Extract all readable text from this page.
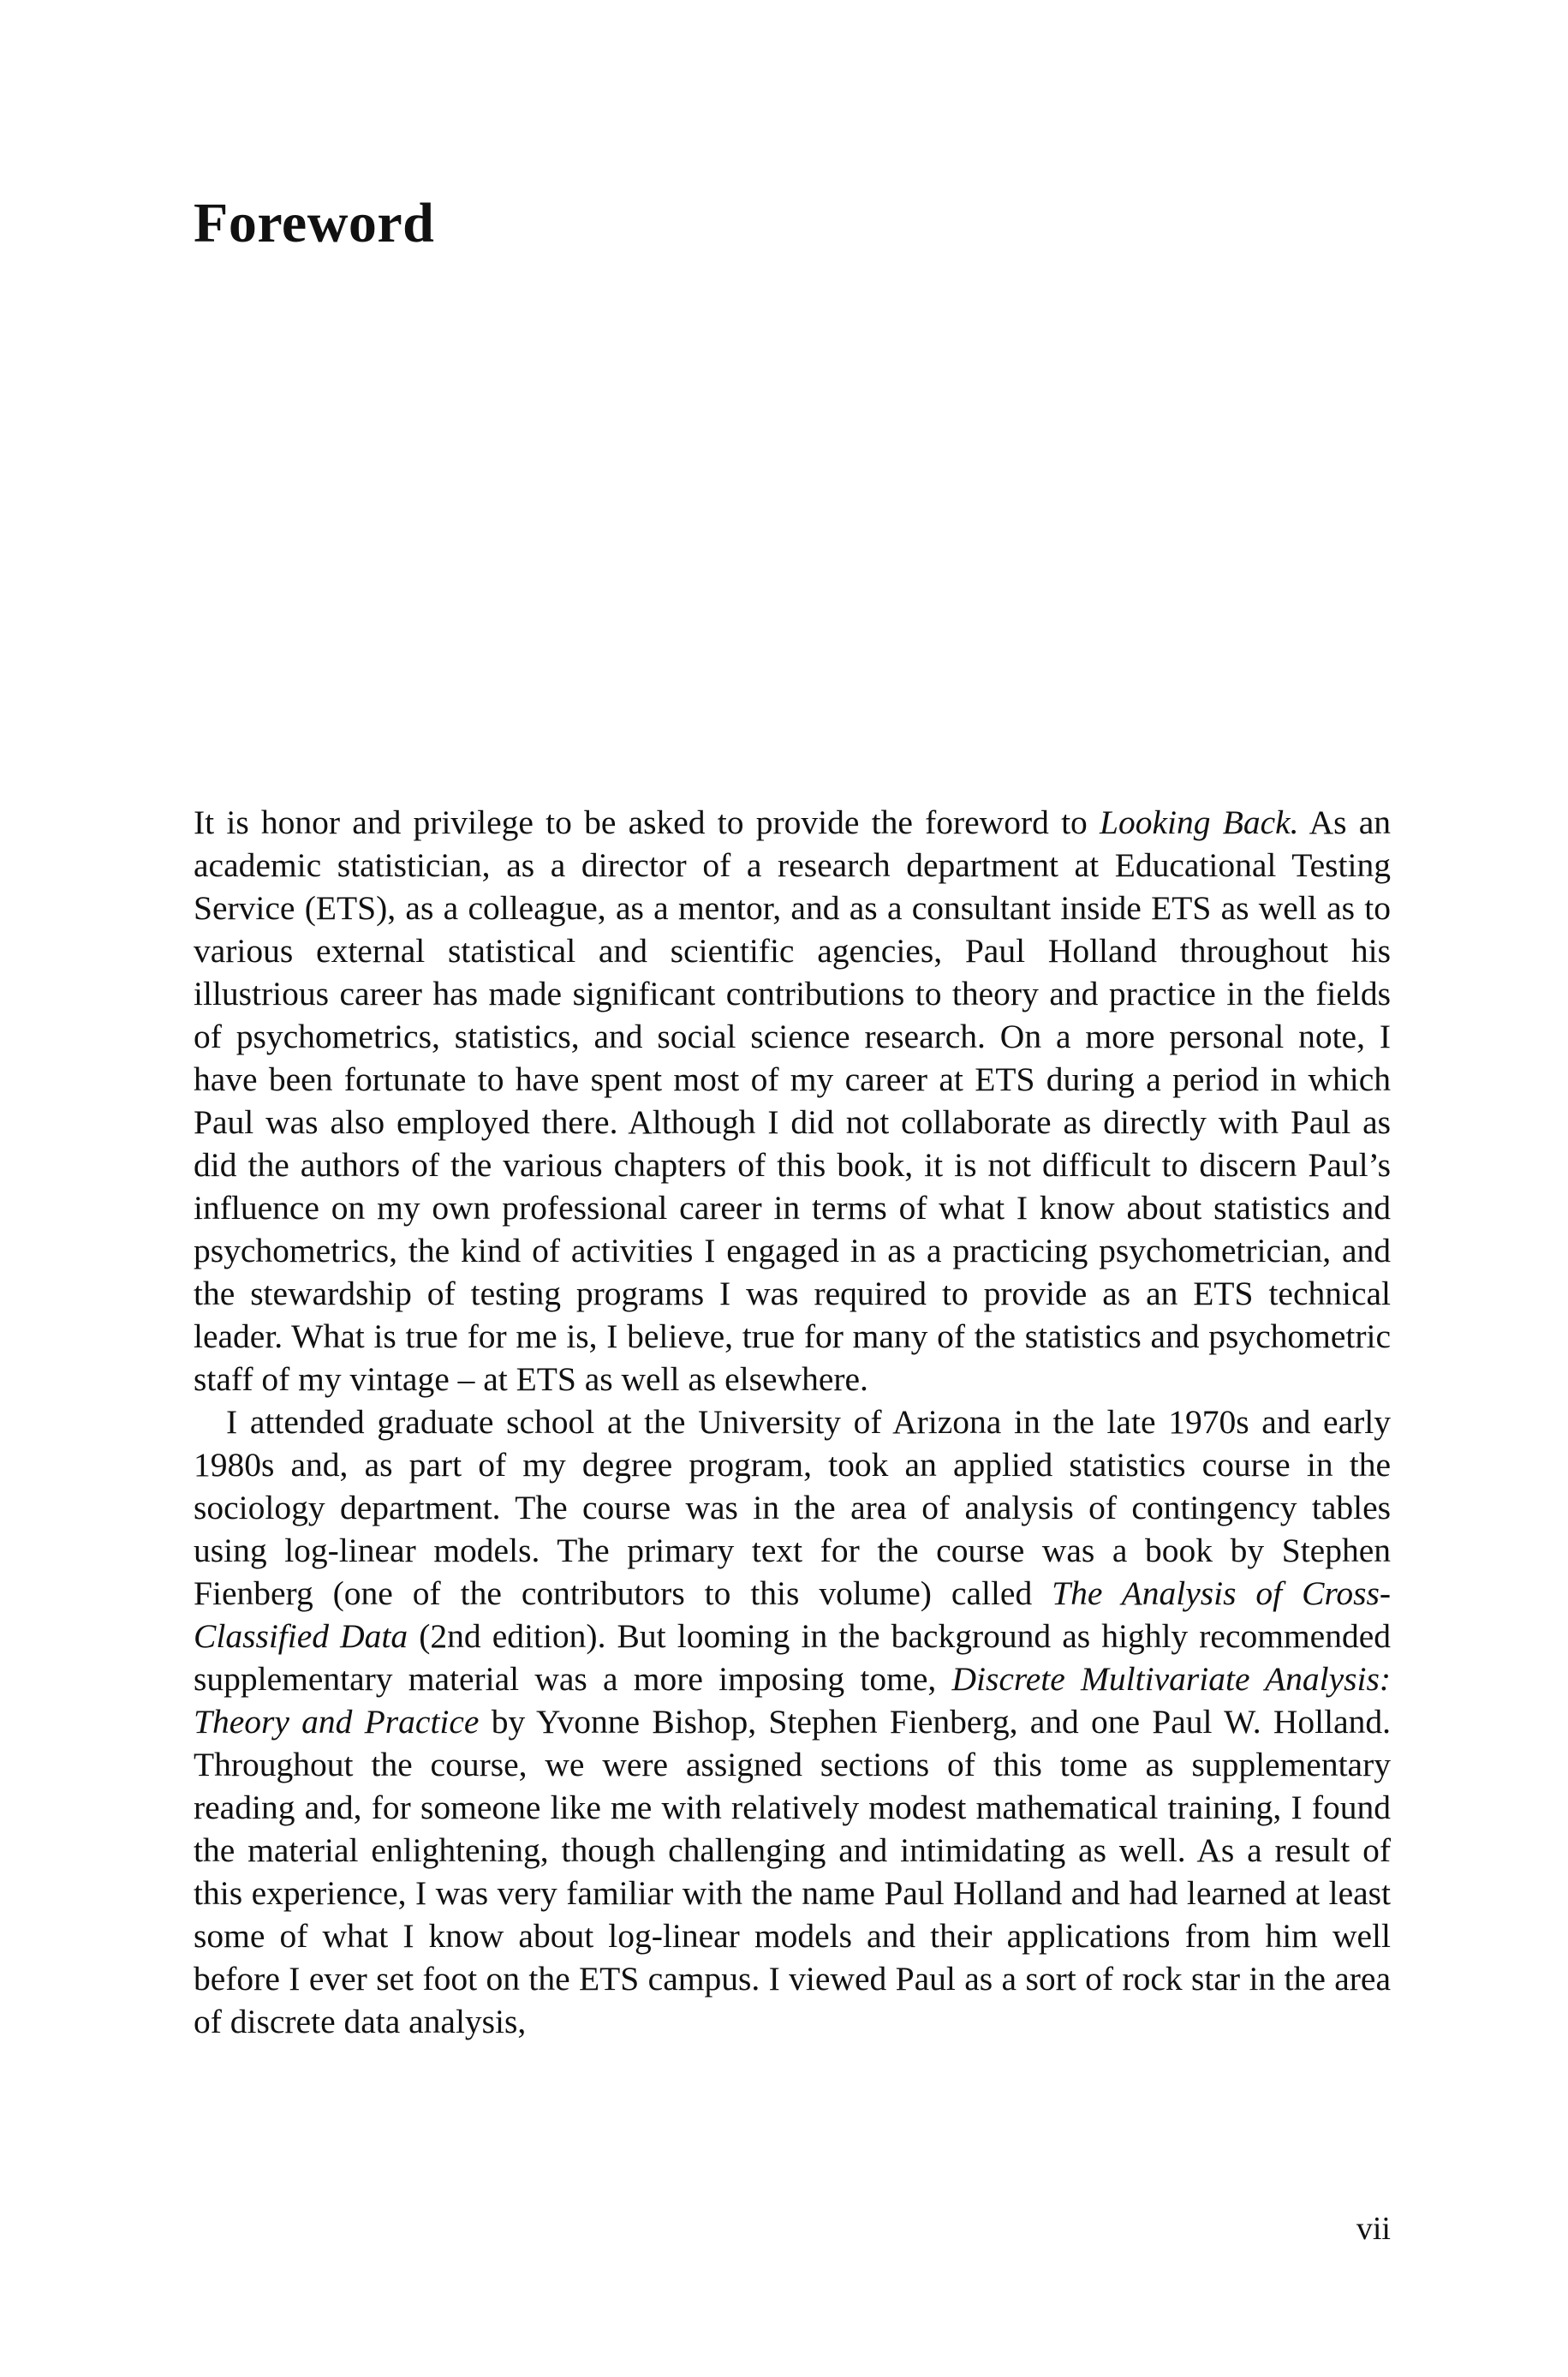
Foreword

It is honor and privilege to be asked to provide the foreword to Looking Back. As an academic statistician, as a director of a research department at Educational Testing Service (ETS), as a colleague, as a mentor, and as a consultant inside ETS as well as to various external statistical and scientific agencies, Paul Holland throughout his illustrious career has made significant contributions to theory and practice in the fields of psychometrics, statistics, and social science research. On a more personal note, I have been fortunate to have spent most of my career at ETS during a period in which Paul was also employed there. Although I did not collaborate as directly with Paul as did the authors of the various chapters of this book, it is not difficult to discern Paul’s influence on my own professional career in terms of what I know about statistics and psychometrics, the kind of activities I engaged in as a practicing psychometrician, and the stewardship of testing programs I was required to provide as an ETS technical leader. What is true for me is, I believe, true for many of the statistics and psychometric staff of my vintage – at ETS as well as elsewhere.

I attended graduate school at the University of Arizona in the late 1970s and early 1980s and, as part of my degree program, took an applied statistics course in the sociology department. The course was in the area of analysis of contingency tables using log-linear models. The primary text for the course was a book by Stephen Fienberg (one of the contributors to this volume) called The Analysis of Cross-Classified Data (2nd edition). But looming in the background as highly recommended supplementary material was a more imposing tome, Discrete Multivariate Analysis: Theory and Practice by Yvonne Bishop, Stephen Fienberg, and one Paul W. Holland. Throughout the course, we were assigned sections of this tome as supplementary reading and, for someone like me with relatively modest mathematical training, I found the material enlightening, though challenging and intimidating as well. As a result of this experience, I was very familiar with the name Paul Holland and had learned at least some of what I know about log-linear models and their applications from him well before I ever set foot on the ETS campus. I viewed Paul as a sort of rock star in the area of discrete data analysis,

vii
